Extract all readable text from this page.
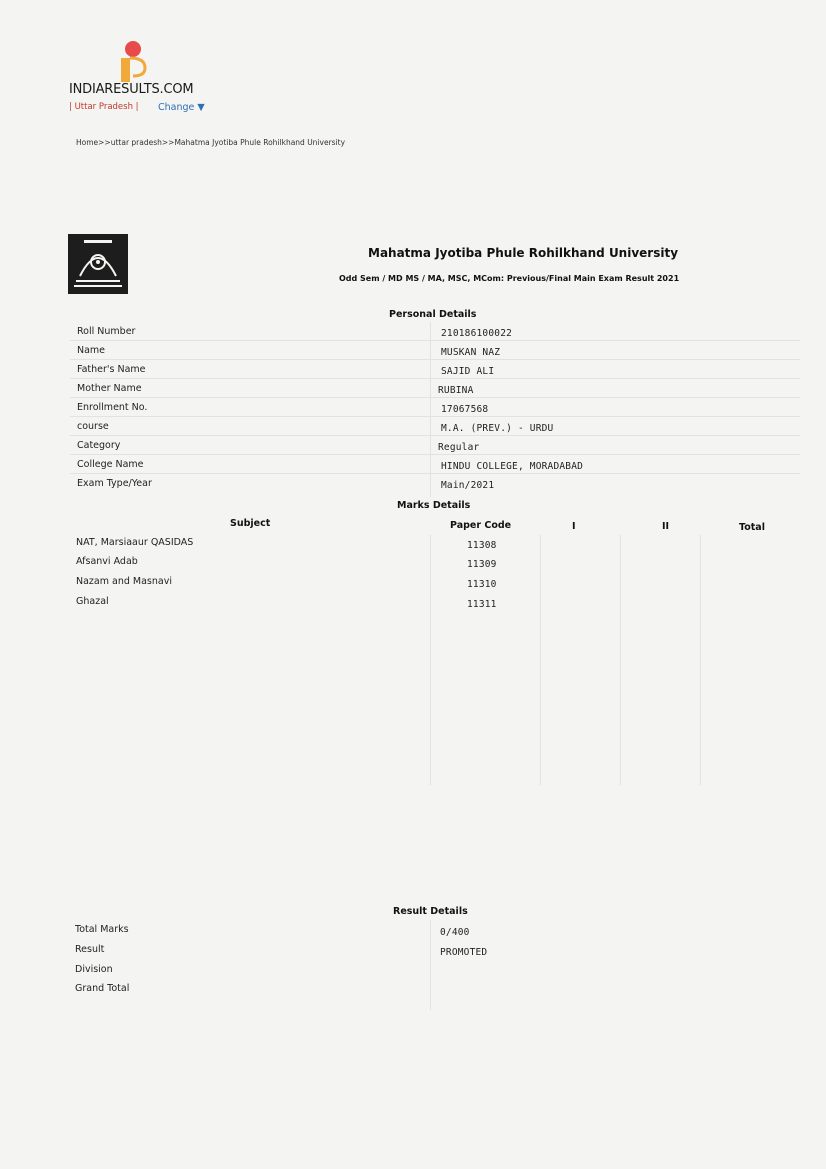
INDIARESULTS.COM
| Uttar Pradesh | Change ▼
Home>>uttar pradesh>>Mahatma Jyotiba Phule Rohilkhand University
Mahatma Jyotiba Phule Rohilkhand University
Odd Sem / MD MS / MA, MSC, MCom: Previous/Final Main Exam Result 2021
Personal Details
Roll Number	210186100022
Name	MUSKAN NAZ
Father's Name	SAJID ALI
Mother Name	RUBINA
Enrollment No.	17067568
course	M.A. (PREV.) - URDU
Category	Regular
College Name	HINDU COLLEGE, MORADABAD
Exam Type/Year	Main/2021
Marks Details
Subject	Paper Code	I	II	Total
NAT, Marsiaaur QASIDAS	11308
Afsanvi Adab	11309
Nazam and Masnavi	11310
Ghazal	11311
Result Details
Total Marks	0/400
Result	PROMOTED
Division
Grand Total
